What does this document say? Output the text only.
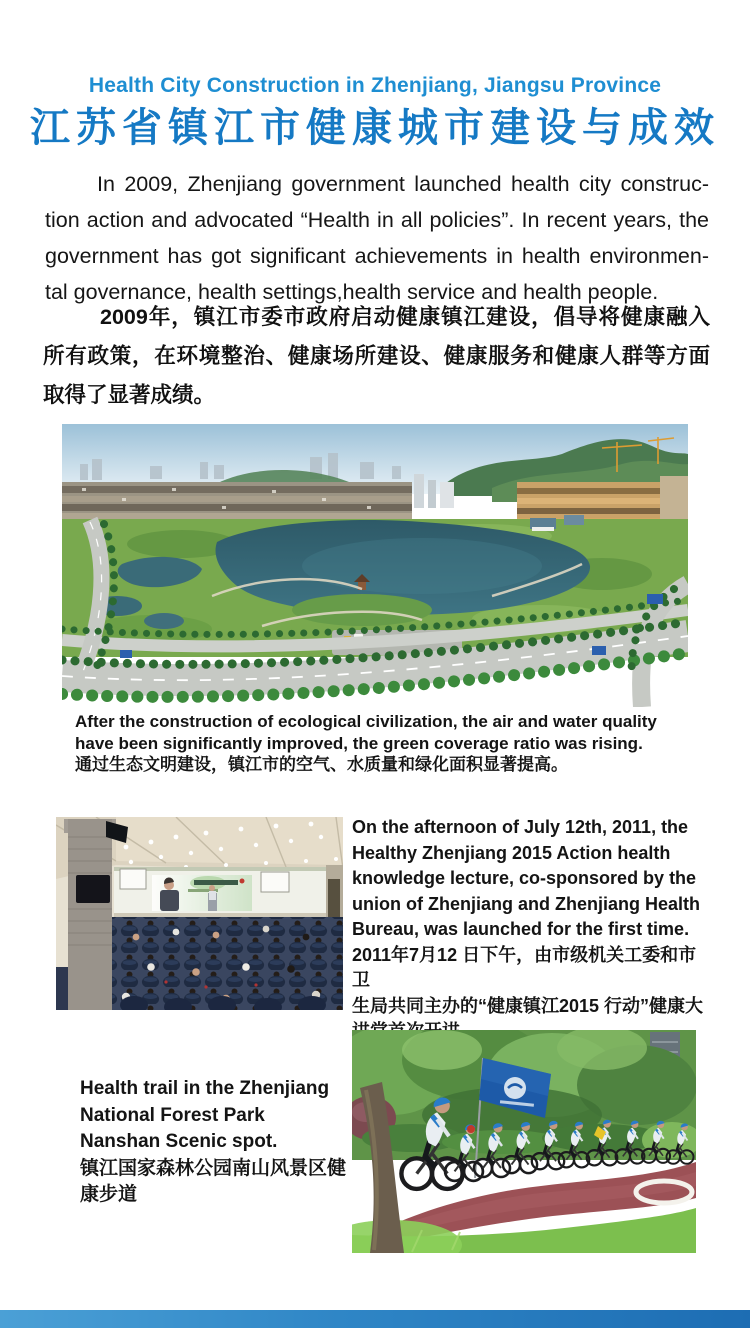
Health City Construction in Zhenjiang, Jiangsu Province
江苏省镇江市健康城市建设与成效
In 2009, Zhenjiang government launched health city construc-
tion action and advocated “Health in all policies”. In recent years, the
government has got significant achievements in health environmen-
tal governance, health settings,health service and health people.
2009年，镇江市委市政府启动健康镇江建设，倡导将健康融入
所有政策，在环境整治、健康场所建设、健康服务和健康人群等方面
取得了显著成绩。
After the construction of ecological civilization, the air and water quality
have been significantly improved, the green coverage ratio was rising.
通过生态文明建设，镇江市的空气、水质量和绿化面积显著提高。
On the afternoon of July 12th, 2011, the
Healthy Zhenjiang 2015 Action health
knowledge lecture, co-sponsored by the
union of Zhenjiang and Zhenjiang Health
Bureau, was launched for the first time.
2011年7月12 日下午，由市级机关工委和市卫
生局共同主办的“健康镇江2015 行动”健康大
Health trail in the Zhenjiang
National Forest Park
Nanshan Scenic spot.
镇江国家森林公园南山风景区健
康步道
